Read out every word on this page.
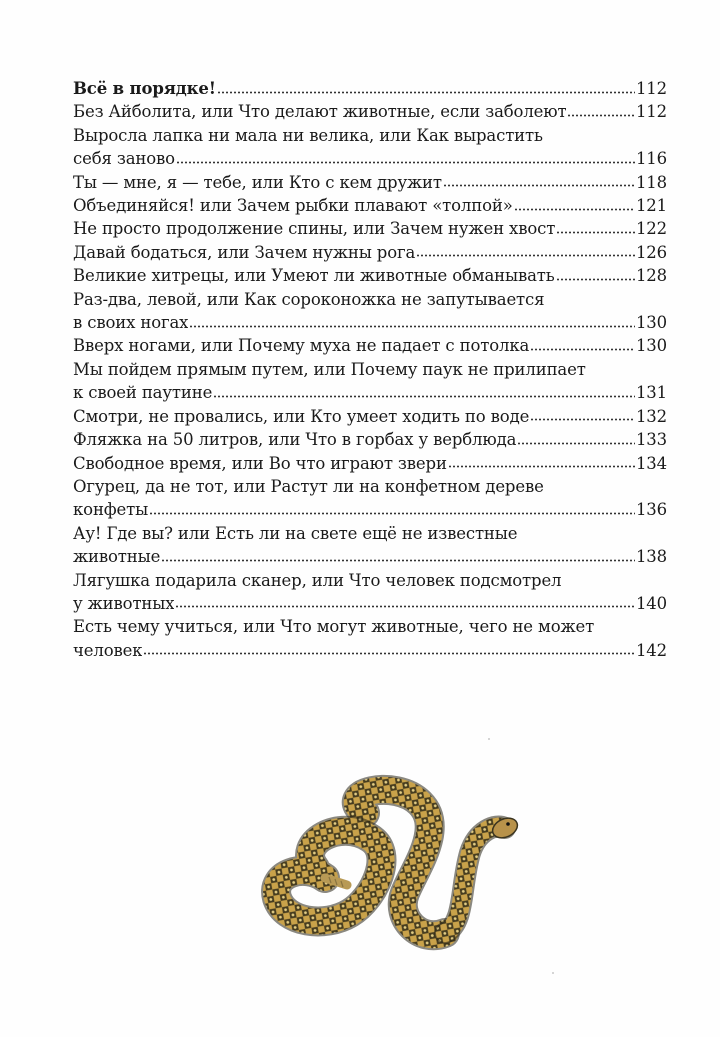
Всё в порядке!	112
Без Айболита, или Что делают животные, если заболеют	112
Выросла лапка ни мала ни велика, или Как вырастить
себя заново	116
Ты — мне, я — тебе, или Кто с кем дружит	118
Объединяйся! или Зачем рыбки плавают «толпой»	121
Не просто продолжение спины, или Зачем нужен хвост	122
Давай бодаться, или Зачем нужны рога	126
Великие хитрецы, или Умеют ли животные обманывать	128
Раз-два, левой, или Как сороконожка не запутывается
в своих ногах	130
Вверх ногами, или Почему муха не падает с потолка	130
Мы пойдем прямым путем, или Почему паук не прилипает
к своей паутине	131
Смотри, не провались, или Кто умеет ходить по воде	132
Фляжка на 50 литров, или Что в горбах у верблюда	133
Свободное время, или Во что играют звери	134
Огурец, да не тот, или Растут ли на конфетном дереве
конфеты	136
Ау! Где вы? или Есть ли на свете ещё не известные
животные	138
Лягушка подарила сканер, или Что человек подсмотрел
у животных	140
Есть чему учиться, или Что могут животные, чего не может
человек	142
